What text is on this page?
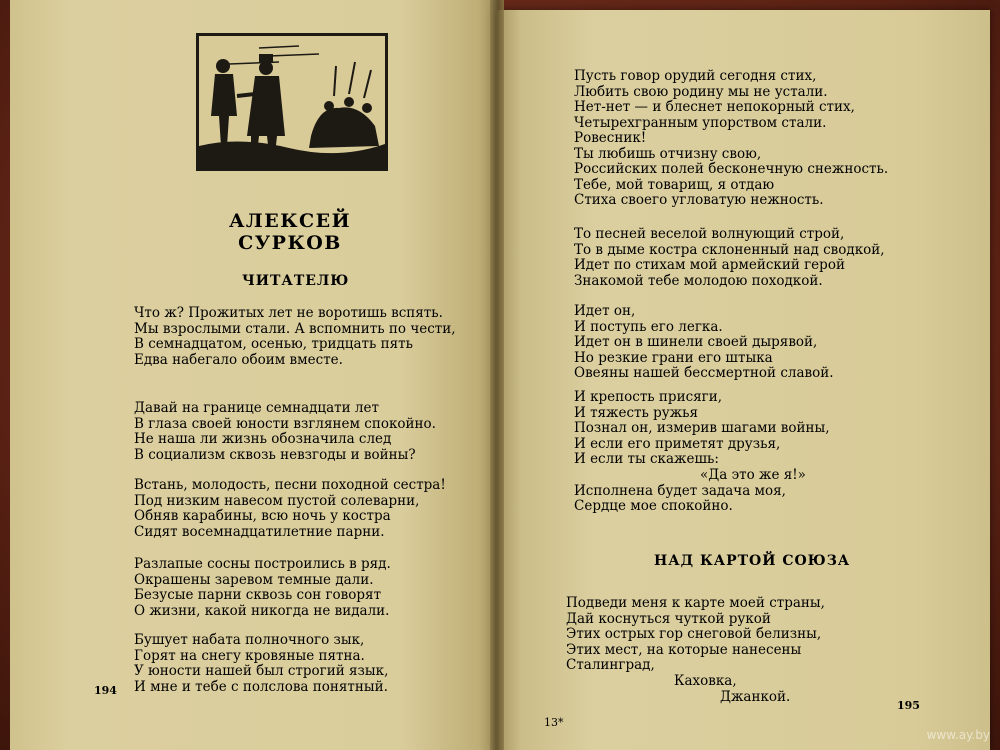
АЛЕКСЕЙ СУРКОВ
ЧИТАТЕЛЮ
Что ж? Прожитых лет не воротишь вспять.
Мы взрослыми стали. А вспомнить по чести,
В семнадцатом, осенью, тридцать пять
Едва набегало обоим вместе.
Давай на границе семнадцати лет
В глаза своей юности взглянем спокойно.
Не наша ли жизнь обозначила след
В социализм сквозь невзгоды и войны?
Встань, молодость, песни походной сестра!
Под низким навесом пустой солеварни,
Обняв карабины, всю ночь у костра
Сидят восемнадцатилетние парни.
Разлапые сосны построились в ряд.
Окрашены заревом темные дали.
Безусые парни сквозь сон говорят
О жизни, какой никогда не видали.
Бушует набата полночного зык,
Горят на снегу кровяные пятна.
У юности нашей был строгий язык,
И мне и тебе с полслова понятный.
194
Пусть говор орудий сегодня стих,
Любить свою родину мы не устали.
Нет-нет — и блеснет непокорный стих,
Четырехгранным упорством стали.
Ровесник!
Ты любишь отчизну свою,
Российских полей бесконечную снежность.
Тебе, мой товарищ, я отдаю
Стиха своего угловатую нежность.
То песней веселой волнующий строй,
То в дыме костра склоненный над сводкой,
Идет по стихам мой армейский герой
Знакомой тебе молодою походкой.
Идет он,
И поступь его легка.
Идет он в шинели своей дырявой,
Но резкие грани его штыка
Овеяны нашей бессмертной славой.
И крепость присяги,
И тяжесть ружья
Познал он, измерив шагами войны,
И если его приметят друзья,
И если ты скажешь:
«Да это же я!»
Исполнена будет задача моя,
Сердце мое спокойно.
НАД КАРТОЙ СОЮЗА
Подведи меня к карте моей страны,
Дай коснуться чуткой рукой
Этих острых гор снеговой белизны,
Этих мест, на которые нанесены
Сталинград,
Каховка,
Джанкой.
13*
195
www.ay.by
